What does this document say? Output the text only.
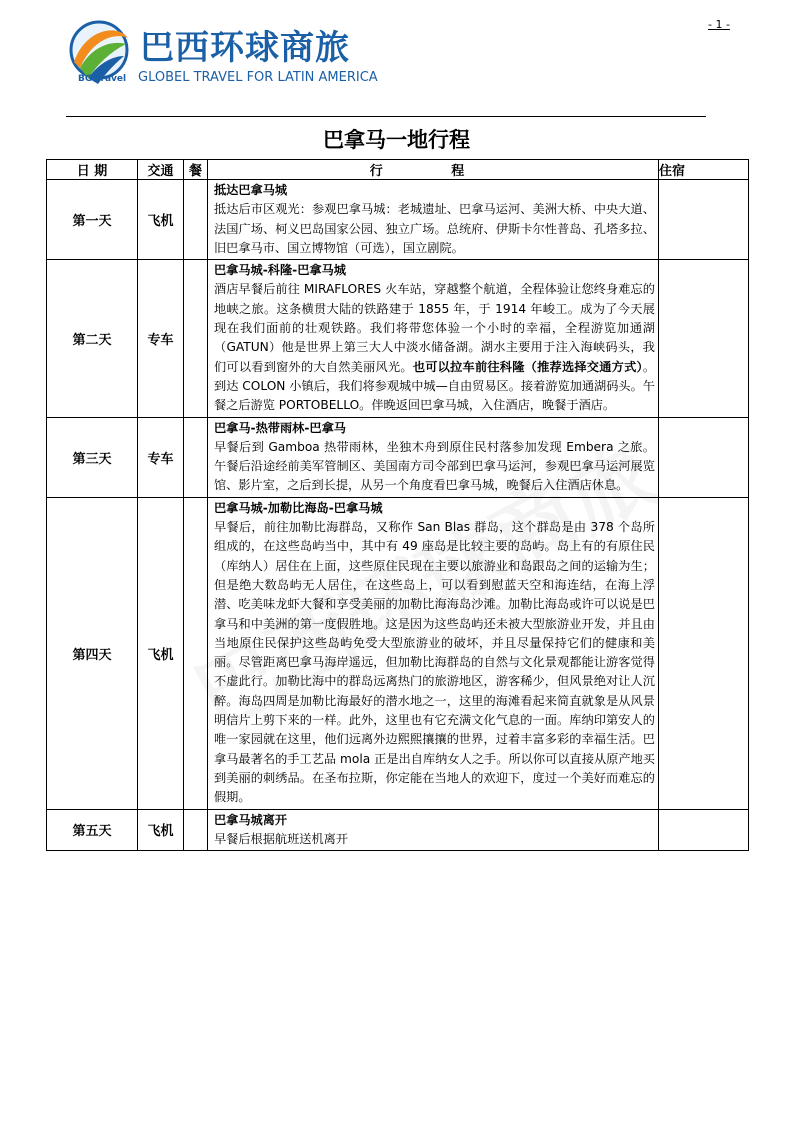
- 1 -
BG Travel
巴西环球商旅
GLOBEL TRAVEL FOR LATIN AMERICA
巴拿马一地行程
日 期	交通	餐	行 程	住宿
第一天	飞机		抵达巴拿马城
抵达后市区观光：参观巴拿马城：老城遗址、巴拿马运河、美洲大桥、中央大道、法国广场、柯义巴岛国家公园、独立广场。总统府、伊斯卡尔性普岛、孔塔多拉、旧巴拿马市、国立博物馆（可选），国立剧院。	

第二天	专车		巴拿马城-科隆-巴拿马城
酒店早餐后前往 MIRAFLORES 火车站，穿越整个航道，全程体验让您终身难忘的地峡之旅。这条横贯大陆的铁路建于 1855 年，于 1914 年峻工。成为了今天展现在我们面前的壮观铁路。我们将带您体验一个小时的幸福，全程游览加通湖（GATUN）他是世界上第三大人中淡水储备湖。湖水主要用于注入海峡码头，我们可以看到窗外的大自然美丽风光。也可以拉车前往科隆（推荐选择交通方式）。到达 COLON 小镇后，我们将参观城中城—自由贸易区。接着游览加通湖码头。午餐之后游览 PORTOBELLO。伴晚返回巴拿马城，入住酒店，晚餐于酒店。	

第三天	专车		巴拿马-热带雨林-巴拿马
早餐后到 Gamboa 热带雨林，坐独木舟到原住民村落参加发现 Embera 之旅。午餐后沿途经前美军管制区、美国南方司令部到巴拿马运河，参观巴拿马运河展览馆、影片室，之后到长提，从另一个角度看巴拿马城，晚餐后入住酒店休息。	

第四天	飞机		巴拿马城-加勒比海岛-巴拿马城
早餐后，前往加勒比海群岛，又称作 San Blas 群岛，这个群岛是由 378 个岛所组成的，在这些岛屿当中，其中有 49 座岛是比较主要的岛屿。岛上有的有原住民（库纳人）居住在上面，这些原住民现在主要以旅游业和岛跟岛之间的运输为生；但是绝大数岛屿无人居住，在这些岛上，可以看到慰蓝天空和海连结，在海上浮潜、吃美味龙虾大餐和享受美丽的加勒比海海岛沙滩。加勒比海岛或许可以说是巴拿马和中美洲的第一度假胜地。这是因为这些岛屿还未被大型旅游业开发，并且由当地原住民保护这些岛屿免受大型旅游业的破坏，并且尽量保持它们的健康和美丽。尽管距离巴拿马海岸遥远，但加勒比海群岛的自然与文化景观都能让游客觉得不虚此行。加勒比海中的群岛远离热门的旅游地区，游客稀少，但风景绝对让人沉醉。海岛四周是加勒比海最好的潜水地之一，这里的海滩看起来简直就象是从风景明信片上剪下来的一样。此外，这里也有它充满文化气息的一面。库纳印第安人的唯一家园就在这里，他们远离外边熙熙攘攘的世界，过着丰富多彩的幸福生活。巴拿马最著名的手工艺品 mola 正是出自库纳女人之手。所以你可以直接从原产地买到美丽的刺绣品。在圣布拉斯，你定能在当地人的欢迎下，度过一个美好而难忘的假期。	

第五天	飞机		巴拿马城离开
早餐后根据航班送机离开	
